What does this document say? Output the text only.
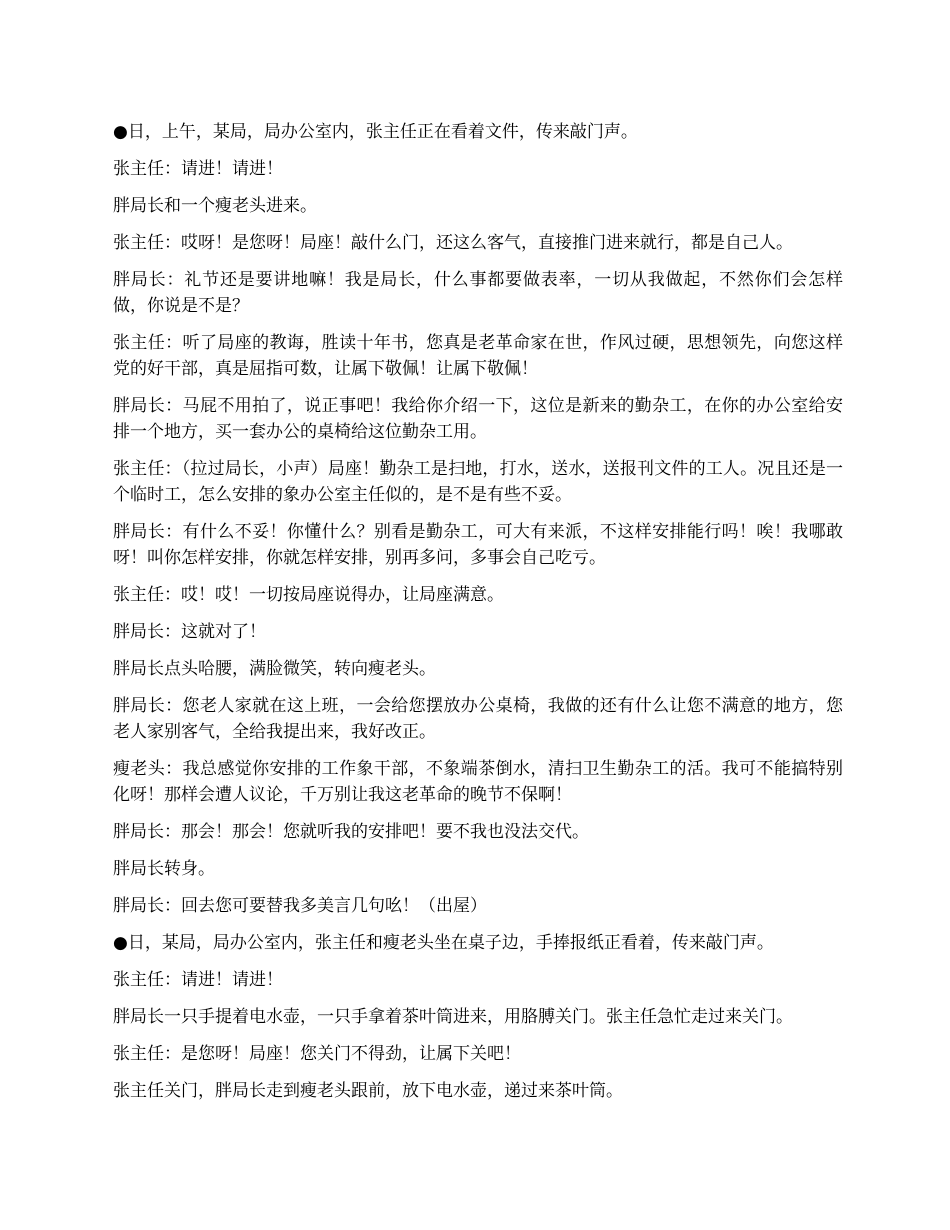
●日，上午，某局，局办公室内，张主任正在看着文件，传来敲门声。

张主任：请进！请进！

胖局长和一个瘦老头进来。

张主任：哎呀！是您呀！局座！敲什么门，还这么客气，直接推门进来就行，都是自己人。

胖局长：礼节还是要讲地嘛！我是局长，什么事都要做表率，一切从我做起，不然你们会怎样做，你说是不是？

张主任：听了局座的教诲，胜读十年书，您真是老革命家在世，作风过硬，思想领先，向您这样党的好干部，真是屈指可数，让属下敬佩！让属下敬佩！

胖局长：马屁不用拍了，说正事吧！我给你介绍一下，这位是新来的勤杂工，在你的办公室给安排一个地方，买一套办公的桌椅给这位勤杂工用。

张主任：（拉过局长，小声）局座！勤杂工是扫地，打水，送水，送报刊文件的工人。况且还是一个临时工，怎么安排的象办公室主任似的，是不是有些不妥。

胖局长：有什么不妥！你懂什么？别看是勤杂工，可大有来派，不这样安排能行吗！唉！我哪敢呀！叫你怎样安排，你就怎样安排，别再多问，多事会自己吃亏。

张主任：哎！哎！一切按局座说得办，让局座满意。

胖局长：这就对了！

胖局长点头哈腰，满脸微笑，转向瘦老头。

胖局长：您老人家就在这上班，一会给您摆放办公桌椅，我做的还有什么让您不满意的地方，您老人家别客气，全给我提出来，我好改正。

瘦老头：我总感觉你安排的工作象干部，不象端茶倒水，清扫卫生勤杂工的活。我可不能搞特别化呀！那样会遭人议论，千万别让我这老革命的晚节不保啊！

胖局长：那会！那会！您就听我的安排吧！要不我也没法交代。

胖局长转身。

胖局长：回去您可要替我多美言几句吆！（出屋）

●日，某局，局办公室内，张主任和瘦老头坐在桌子边，手捧报纸正看着，传来敲门声。

张主任：请进！请进！

胖局长一只手提着电水壶，一只手拿着茶叶筒进来，用胳膊关门。张主任急忙走过来关门。

张主任：是您呀！局座！您关门不得劲，让属下关吧！

张主任关门，胖局长走到瘦老头跟前，放下电水壶，递过来茶叶筒。
